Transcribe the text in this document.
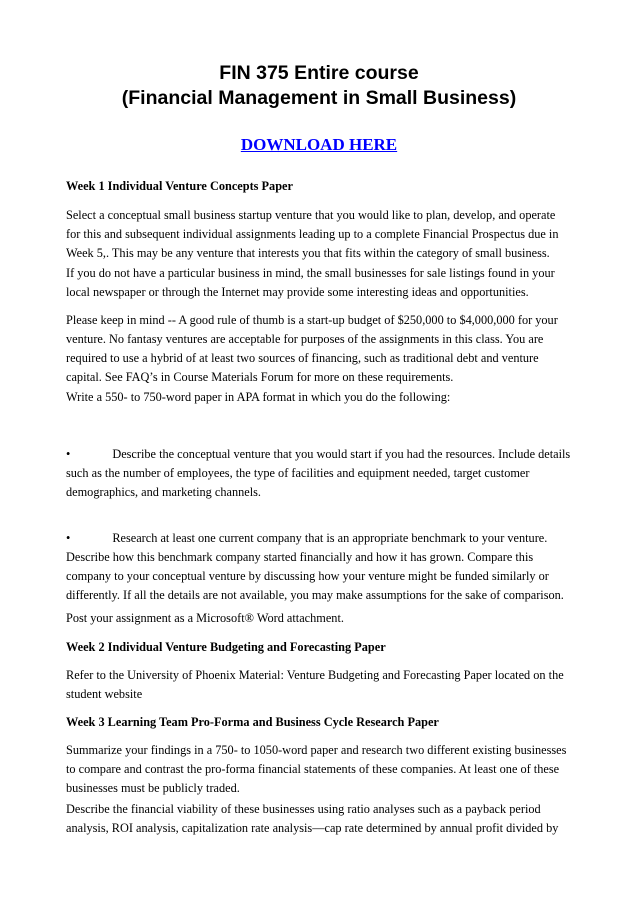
FIN 375 Entire course
(Financial Management in Small Business)
DOWNLOAD HERE
Week 1 Individual Venture Concepts Paper
Select a conceptual small business startup venture that you would like to plan, develop, and operate
for this and subsequent individual assignments leading up to a complete Financial Prospectus due in
Week 5,. This may be any venture that interests you that fits within the category of small business.
If you do not have a particular business in mind, the small businesses for sale listings found in your
local newspaper or through the Internet may provide some interesting ideas and opportunities.
Please keep in mind -- A good rule of thumb is a start-up budget of $250,000 to $4,000,000 for your
venture. No fantasy ventures are acceptable for purposes of the assignments in this class. You are
required to use a hybrid of at least two sources of financing, such as traditional debt and venture
capital. See FAQ’s in Course Materials Forum for more on these requirements.
Write a 550- to 750-word paper in APA format in which you do the following:
•	Describe the conceptual venture that you would start if you had the resources. Include details
such as the number of employees, the type of facilities and equipment needed, target customer
demographics, and marketing channels.
•	Research at least one current company that is an appropriate benchmark to your venture.
Describe how this benchmark company started financially and how it has grown. Compare this
company to your conceptual venture by discussing how your venture might be funded similarly or
differently. If all the details are not available, you may make assumptions for the sake of comparison.
Post your assignment as a Microsoft® Word attachment.
Week 2 Individual Venture Budgeting and Forecasting Paper
Refer to the University of Phoenix Material: Venture Budgeting and Forecasting Paper located on the
student website
Week 3 Learning Team Pro-Forma and Business Cycle Research Paper
Summarize your findings in a 750- to 1050-word paper and research two different existing businesses
to compare and contrast the pro-forma financial statements of these companies. At least one of these
businesses must be publicly traded.
Describe the financial viability of these businesses using ratio analyses such as a payback period
analysis, ROI analysis, capitalization rate analysis—cap rate determined by annual profit divided by
